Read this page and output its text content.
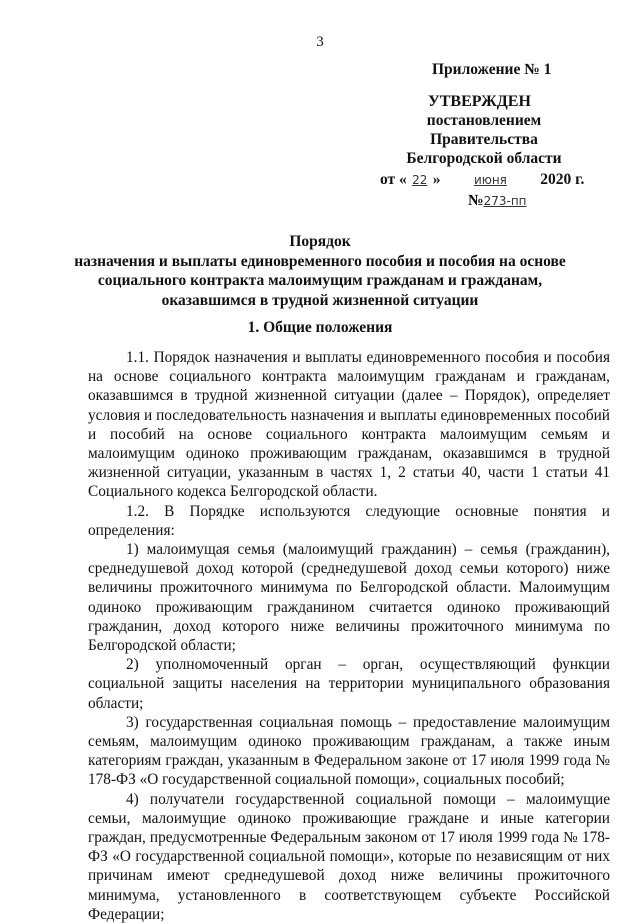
3
Приложение № 1
УТВЕРЖДЕН
постановлением Правительства
Белгородской области
от « 22 »	июня 2020 г.
№273-пп
Порядок
назначения и выплаты единовременного пособия и пособия на основе
социального контракта малоимущим гражданам и гражданам,
оказавшимся в трудной жизненной ситуации
1. Общие положения

1.1. Порядок назначения и выплаты единовременного пособия и пособия на основе социального контракта малоимущим гражданам и гражданам, оказавшимся в трудной жизненной ситуации (далее – Порядок), определяет условия и последовательность назначения и выплаты единовременных пособий и пособий на основе социального контракта малоимущим семьям и малоимущим одиноко проживающим гражданам, оказавшимся в трудной жизненной ситуации, указанным в частях 1, 2 статьи 40, части 1 статьи 41 Социального кодекса Белгородской области.

1.2. В Порядке используются следующие основные понятия и определения:

1) малоимущая семья (малоимущий гражданин) – семья (гражданин), среднедушевой доход которой (среднедушевой доход семьи которого) ниже величины прожиточного минимума по Белгородской области. Малоимущим одиноко проживающим гражданином считается одиноко проживающий гражданин, доход которого ниже величины прожиточного минимума по Белгородской области;

2) уполномоченный орган – орган, осуществляющий функции социальной защиты населения на территории муниципального образования области;

3) государственная социальная помощь – предоставление малоимущим семьям, малоимущим одиноко проживающим гражданам, а также иным категориям граждан, указанным в Федеральном законе от 17 июля 1999 года № 178-ФЗ «О государственной социальной помощи», социальных пособий;

4) получатели государственной социальной помощи – малоимущие семьи, малоимущие одиноко проживающие граждане и иные категории граждан, предусмотренные Федеральным законом от 17 июля 1999 года № 178-ФЗ «О государственной социальной помощи», которые по независящим от них причинам имеют среднедушевой доход ниже величины прожиточного минимума, установленного в соответствующем субъекте Российской Федерации;
